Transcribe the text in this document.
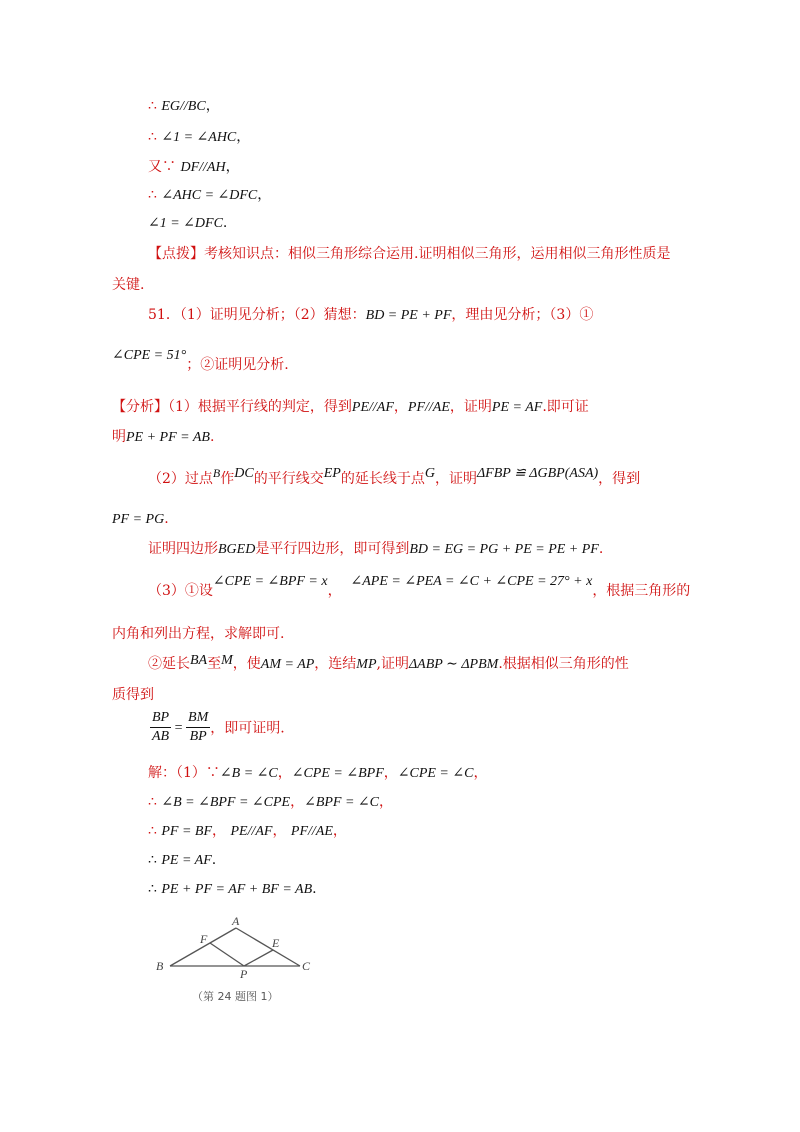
∴ EG//BC，
∴ ∠1 = ∠AHC，
又∵ DF//AH，
∴ ∠AHC = ∠DFC，
∠1 = ∠DFC.
【点拨】考核知识点：相似三角形综合运用.证明相似三角形，运用相似三角形性质是
关键.
51．（1）证明见分析；（2）猜想：BD = PE + PF，理由见分析；（3）①
∠CPE = 51°；②证明见分析.
【分析】（1）根据平行线的判定，得到PE//AF，PF//AE，证明PE = AF.即可证
明PE + PF = AB.
（2）过点B作DC的平行线交EP的延长线于点G，证明ΔFBP ≌ ΔGBP(ASA)，得到
PF = PG.
证明四边形BGED是平行四边形，即可得到BD = EG = PG + PE = PE + PF.
（3）①设∠CPE = ∠BPF = x，  ∠APE = ∠PEA = ∠C + ∠CPE = 27° + x，根据三角形的
内角和列出方程，求解即可.
②延长BA至M，使AM = AP，连结MP,证明ΔABP ∼ ΔPBM.根据相似三角形的性
质得到
$\frac{BP}{AB} = \frac{BM}{BP}$ ，即可证明.
解：（1）∵∠B = ∠C，∠CPE = ∠BPF，∠CPE = ∠C，
∴ ∠B = ∠BPF = ∠CPE，∠BPF = ∠C，
∴ PF = BF， PE//AF， PF//AE，
∴ PE = AF.
∴ PE + PF = AF + BF = AB.
A
B	C
E
F
P
（第 24 题图 1）
